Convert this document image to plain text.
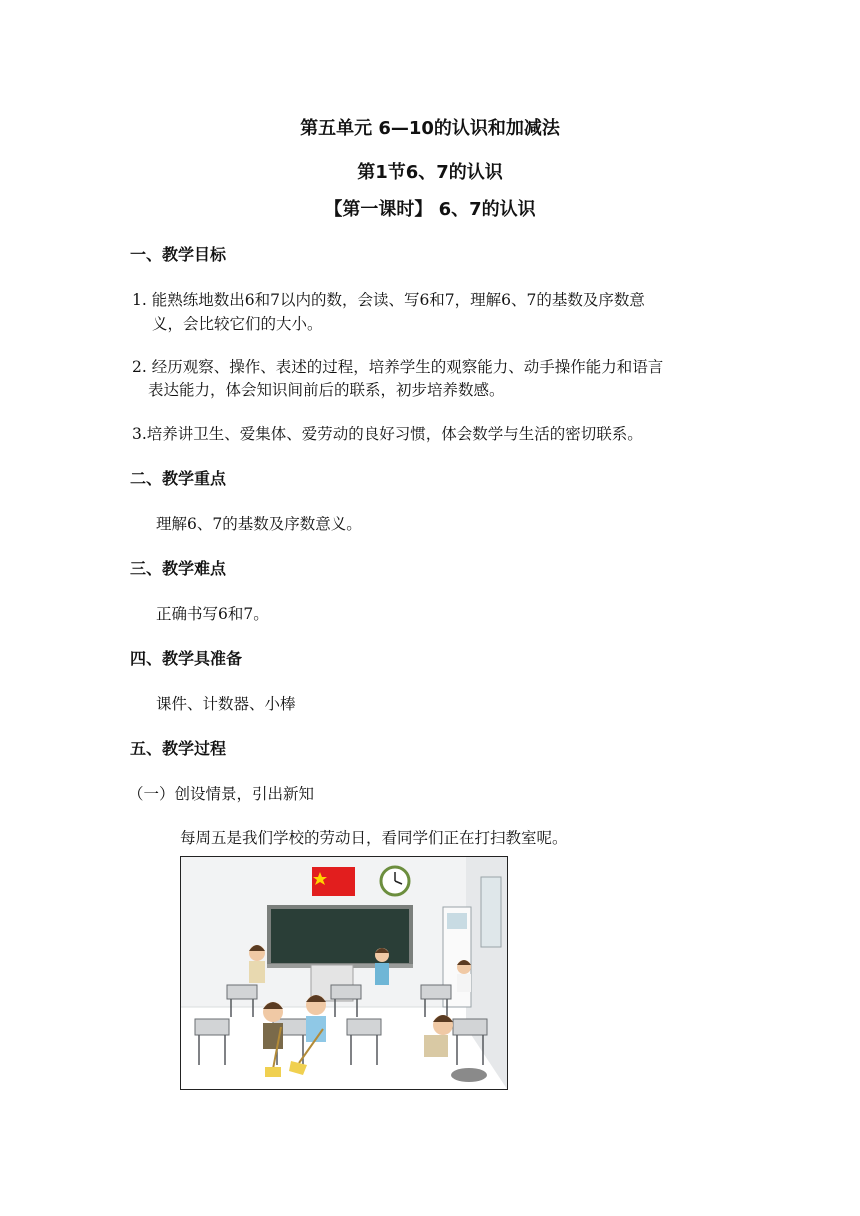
第五单元 6—10的认识和加减法
第1节6、7的认识
【第一课时】 6、7的认识
一、教学目标
1. 能熟练地数出6和7以内的数，会读、写6和7，理解6、7的基数及序数意
义，会比较它们的大小。
2. 经历观察、操作、表述的过程，培养学生的观察能力、动手操作能力和语言
表达能力，体会知识间前后的联系，初步培养数感。
3.培养讲卫生、爱集体、爱劳动的良好习惯，体会数学与生活的密切联系。
二、教学重点
理解6、7的基数及序数意义。
三、教学难点
正确书写6和7。
四、教学具准备
课件、计数器、小棒
五、教学过程
（一）创设情景，引出新知
每周五是我们学校的劳动日，看同学们正在打扫教室呢。
